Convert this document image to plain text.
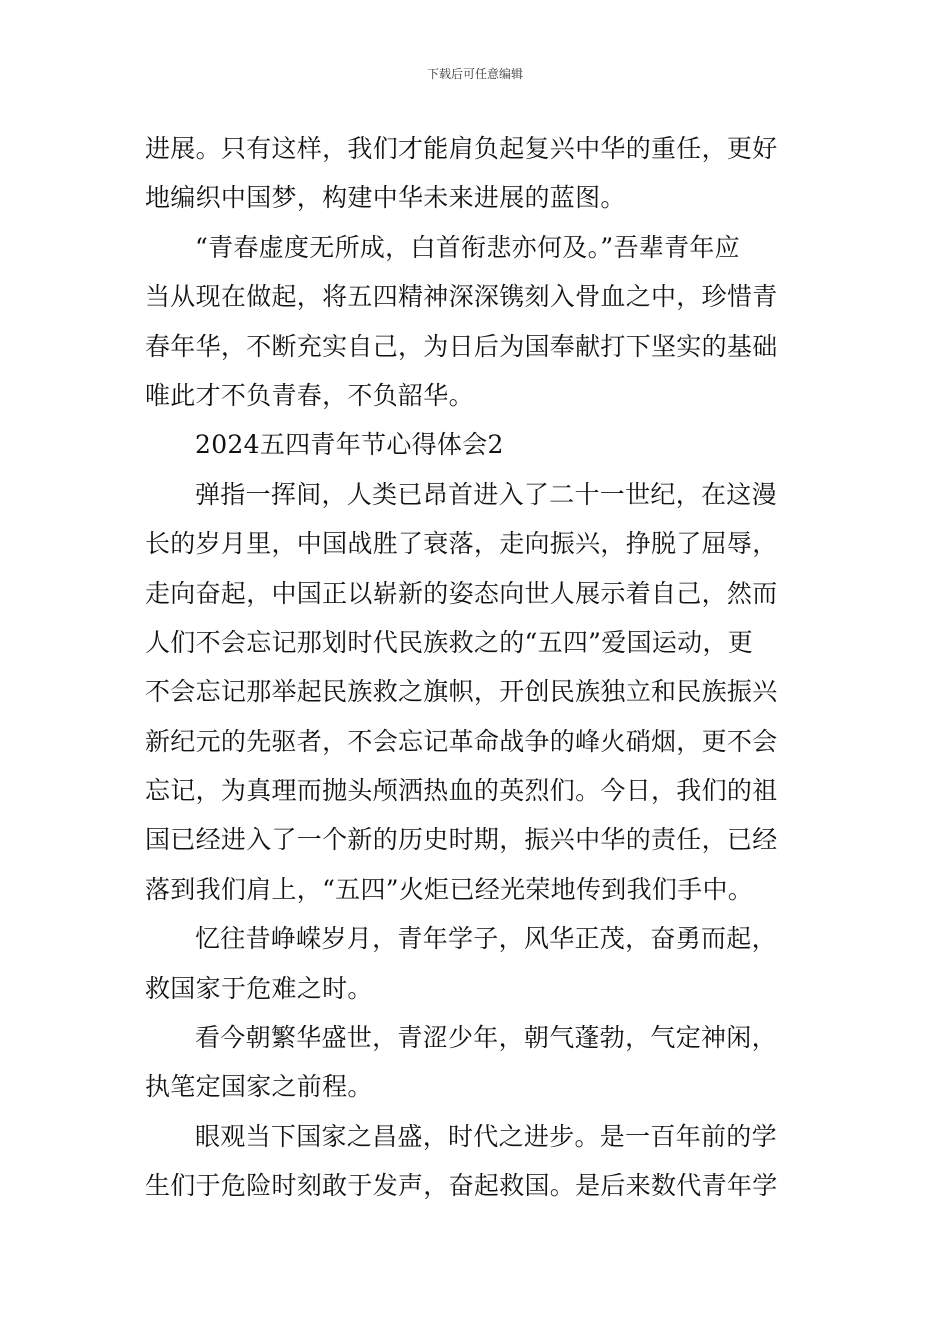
下载后可任意编辑
进展。只有这样，我们才能肩负起复兴中华的重任，更好
地编织中国梦，构建中华未来进展的蓝图。
“青春虚度无所成，白首衔悲亦何及。”吾辈青年应
当从现在做起，将五四精神深深镌刻入骨血之中，珍惜青
春年华，不断充实自己，为日后为国奉献打下坚实的基础
唯此才不负青春，不负韶华。
2024五四青年节心得体会2
弹指一挥间，人类已昂首进入了二十一世纪，在这漫
长的岁月里，中国战胜了衰落，走向振兴，挣脱了屈辱，
走向奋起，中国正以崭新的姿态向世人展示着自己，然而
人们不会忘记那划时代民族救之的“五四”爱国运动，更
不会忘记那举起民族救之旗帜，开创民族独立和民族振兴
新纪元的先驱者，不会忘记革命战争的峰火硝烟，更不会
忘记，为真理而抛头颅洒热血的英烈们。今日，我们的祖
国已经进入了一个新的历史时期，振兴中华的责任，已经
落到我们肩上，“五四”火炬已经光荣地传到我们手中。
忆往昔峥嵘岁月，青年学子，风华正茂，奋勇而起，
救国家于危难之时。
看今朝繁华盛世，青涩少年，朝气蓬勃，气定神闲，
执笔定国家之前程。
眼观当下国家之昌盛，时代之进步。是一百年前的学
生们于危险时刻敢于发声，奋起救国。是后来数代青年学
